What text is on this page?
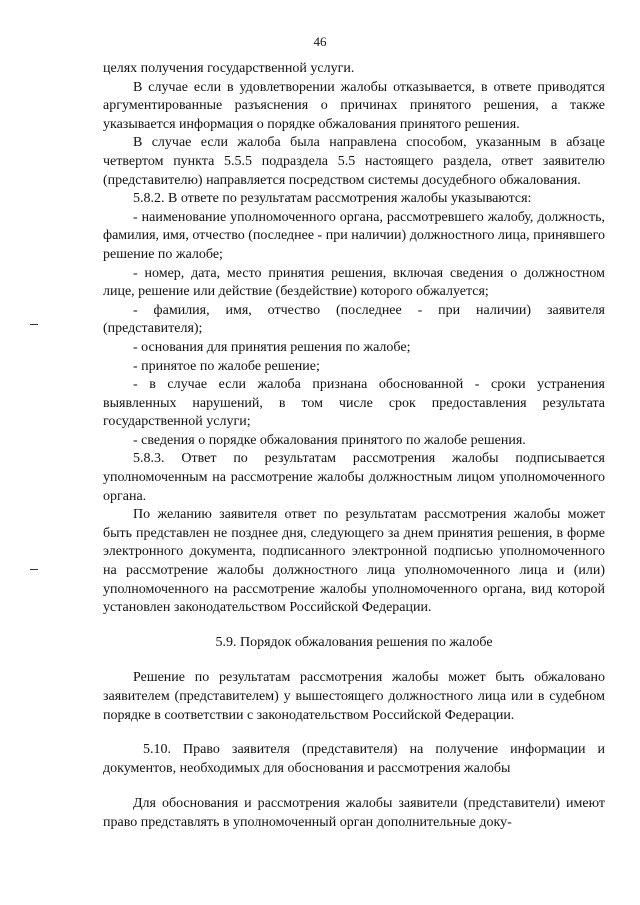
46

целях получения государственной услуги.

В случае если в удовлетворении жалобы отказывается, в ответе приводятся аргументированные разъяснения о причинах принятого решения, а также указывается информация о порядке обжалования принятого решения.

В случае если жалоба была направлена способом, указанным в абзаце четвертом пункта 5.5.5 подраздела 5.5 настоящего раздела, ответ заявителю (представителю) направляется посредством системы досудебного обжалования.

5.8.2. В ответе по результатам рассмотрения жалобы указываются:

- наименование уполномоченного органа, рассмотревшего жалобу, должность, фамилия, имя, отчество (последнее - при наличии) должностного лица, принявшего решение по жалобе;

- номер, дата, место принятия решения, включая сведения о должностном лице, решение или действие (бездействие) которого обжалуется;

- фамилия, имя, отчество (последнее - при наличии) заявителя (представителя);

- основания для принятия решения по жалобе;

- принятое по жалобе решение;

- в случае если жалоба признана обоснованной - сроки устранения выявленных нарушений, в том числе срок предоставления результата государственной услуги;

- сведения о порядке обжалования принятого по жалобе решения.

5.8.3. Ответ по результатам рассмотрения жалобы подписывается уполномоченным на рассмотрение жалобы должностным лицом уполномоченного органа.

По желанию заявителя ответ по результатам рассмотрения жалобы может быть представлен не позднее дня, следующего за днем принятия решения, в форме электронного документа, подписанного электронной подписью уполномоченного на рассмотрение жалобы должностного лица уполномоченного лица и (или) уполномоченного на рассмотрение жалобы уполномоченного органа, вид которой установлен законодательством Российской Федерации.

5.9. Порядок обжалования решения по жалобе

Решение по результатам рассмотрения жалобы может быть обжаловано заявителем (представителем) у вышестоящего должностного лица или в судебном порядке в соответствии с законодательством Российской Федерации.

5.10. Право заявителя (представителя) на получение информации и документов, необходимых для обоснования и рассмотрения жалобы

Для обоснования и рассмотрения жалобы заявители (представители) имеют право представлять в уполномоченный орган дополнительные доку-
